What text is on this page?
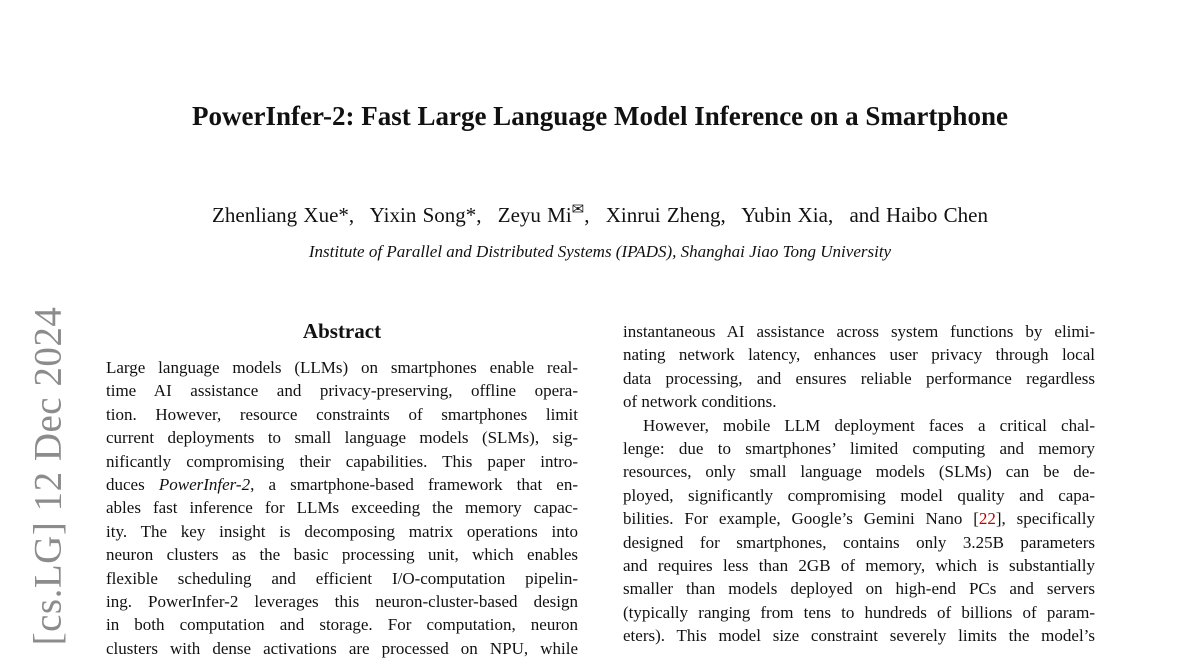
[cs.LG] 12 Dec 2024
PowerInfer-2: Fast Large Language Model Inference on a Smartphone
Zhenliang Xue*, Yixin Song*, Zeyu Mi✉, Xinrui Zheng, Yubin Xia, and Haibo Chen
Institute of Parallel and Distributed Systems (IPADS), Shanghai Jiao Tong University
Abstract
Large language models (LLMs) on smartphones enable real-
time AI assistance and privacy-preserving, offline opera-
tion. However, resource constraints of smartphones limit
current deployments to small language models (SLMs), sig-
nificantly compromising their capabilities. This paper intro-
duces PowerInfer-2, a smartphone-based framework that en-
ables fast inference for LLMs exceeding the memory capac-
ity. The key insight is decomposing matrix operations into
neuron clusters as the basic processing unit, which enables
flexible scheduling and efficient I/O-computation pipelin-
ing. PowerInfer-2 leverages this neuron-cluster-based design
in both computation and storage. For computation, neuron
clusters with dense activations are processed on NPU, while
instantaneous AI assistance across system functions by elimi-
nating network latency, enhances user privacy through local
data processing, and ensures reliable performance regardless
of network conditions.
However, mobile LLM deployment faces a critical chal-
lenge: due to smartphones’ limited computing and memory
resources, only small language models (SLMs) can be de-
ployed, significantly compromising model quality and capa-
bilities. For example, Google’s Gemini Nano [22], specifically
designed for smartphones, contains only 3.25B parameters
and requires less than 2GB of memory, which is substantially
smaller than models deployed on high-end PCs and servers
(typically ranging from tens to hundreds of billions of param-
eters). This model size constraint severely limits the model’s
